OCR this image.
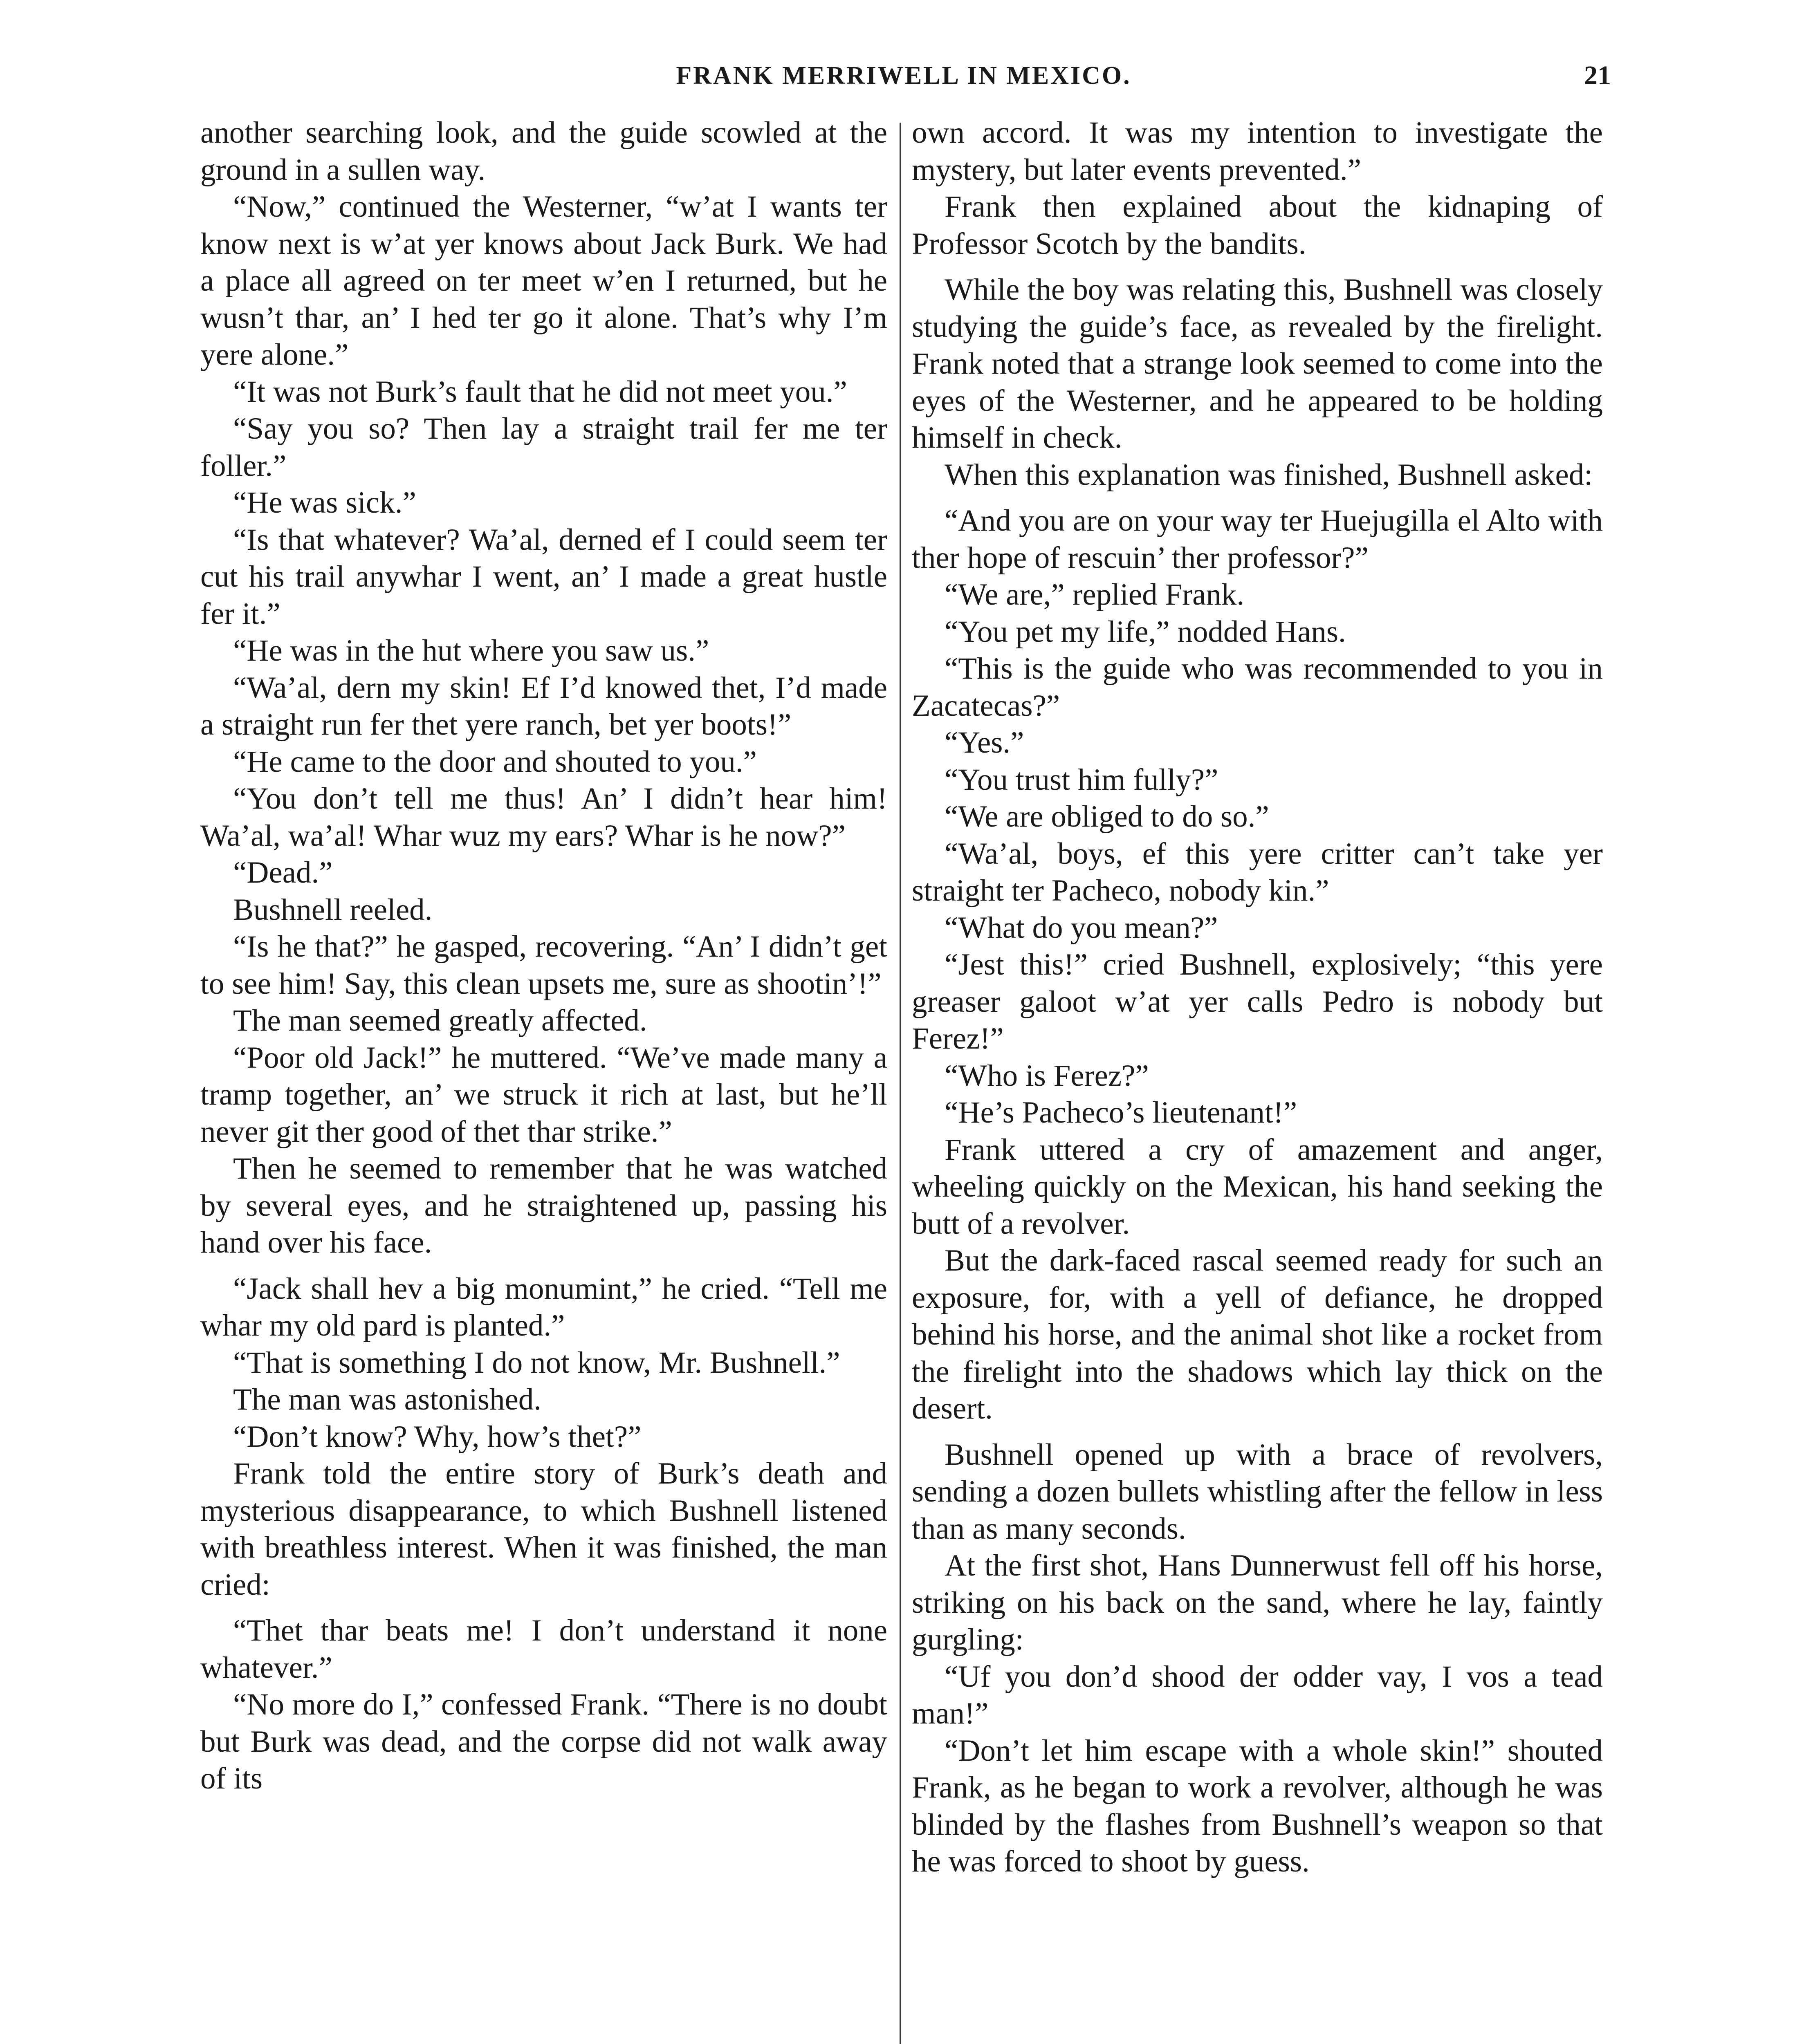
FRANK MERRIWELL IN MEXICO.	21

another searching look, and the guide scowled at the ground in a sullen way.

“Now,” continued the Westerner, “w’at I wants ter know next is w’at yer knows about Jack Burk. We had a place all agreed on ter meet w’en I returned, but he wusn’t thar, an’ I hed ter go it alone. That’s why I’m yere alone.”

“It was not Burk’s fault that he did not meet you.”

“Say you so? Then lay a straight trail fer me ter foller.”

“He was sick.”

“Is that whatever? Wa’al, derned ef I could seem ter cut his trail anywhar I went, an’ I made a great hustle fer it.”

“He was in the hut where you saw us.”

“Wa’al, dern my skin! Ef I’d knowed thet, I’d made a straight run fer thet yere ranch, bet yer boots!”

“He came to the door and shouted to you.”

“You don’t tell me thus! An’ I didn’t hear him! Wa’al, wa’al! Whar wuz my ears? Whar is he now?”

“Dead.”

Bushnell reeled.

“Is he that?” he gasped, recovering. “An’ I didn’t get to see him! Say, this clean upsets me, sure as shootin’!”

The man seemed greatly affected.

“Poor old Jack!” he muttered. “We’ve made many a tramp together, an’ we struck it rich at last, but he’ll never git ther good of thet thar strike.”

Then he seemed to remember that he was watched by several eyes, and he straightened up, passing his hand over his face.

“Jack shall hev a big monumint,” he cried. “Tell me whar my old pard is planted.”

“That is something I do not know, Mr. Bushnell.”

The man was astonished.

“Don’t know? Why, how’s thet?”

Frank told the entire story of Burk’s death and mysterious disappearance, to which Bushnell listened with breathless interest. When it was finished, the man cried:

“Thet thar beats me! I don’t understand it none whatever.”

“No more do I,” confessed Frank. “There is no doubt but Burk was dead, and the corpse did not walk away of its

own accord. It was my intention to investigate the mystery, but later events prevented.”

Frank then explained about the kidnaping of Professor Scotch by the bandits.

While the boy was relating this, Bushnell was closely studying the guide’s face, as revealed by the firelight. Frank noted that a strange look seemed to come into the eyes of the Westerner, and he appeared to be holding himself in check.

When this explanation was finished, Bushnell asked:

“And you are on your way ter Huejugilla el Alto with ther hope of rescuin’ ther professor?”

“We are,” replied Frank.

“You pet my life,” nodded Hans.

“This is the guide who was recommended to you in Zacatecas?”

“Yes.”

“You trust him fully?”

“We are obliged to do so.”

“Wa’al, boys, ef this yere critter can’t take yer straight ter Pacheco, nobody kin.”

“What do you mean?”

“Jest this!” cried Bushnell, explosively; “this yere greaser galoot w’at yer calls Pedro is nobody but Ferez!”

“Who is Ferez?”

“He’s Pacheco’s lieutenant!”

Frank uttered a cry of amazement and anger, wheeling quickly on the Mexican, his hand seeking the butt of a revolver.

But the dark-faced rascal seemed ready for such an exposure, for, with a yell of defiance, he dropped behind his horse, and the animal shot like a rocket from the firelight into the shadows which lay thick on the desert.

Bushnell opened up with a brace of revolvers, sending a dozen bullets whistling after the fellow in less than as many seconds.

At the first shot, Hans Dunnerwust fell off his horse, striking on his back on the sand, where he lay, faintly gurgling:

“Uf you don’d shood der odder vay, I vos a tead man!”

“Don’t let him escape with a whole skin!” shouted Frank, as he began to work a revolver, although he was blinded by the flashes from Bushnell’s weapon so that he was forced to shoot by guess.
